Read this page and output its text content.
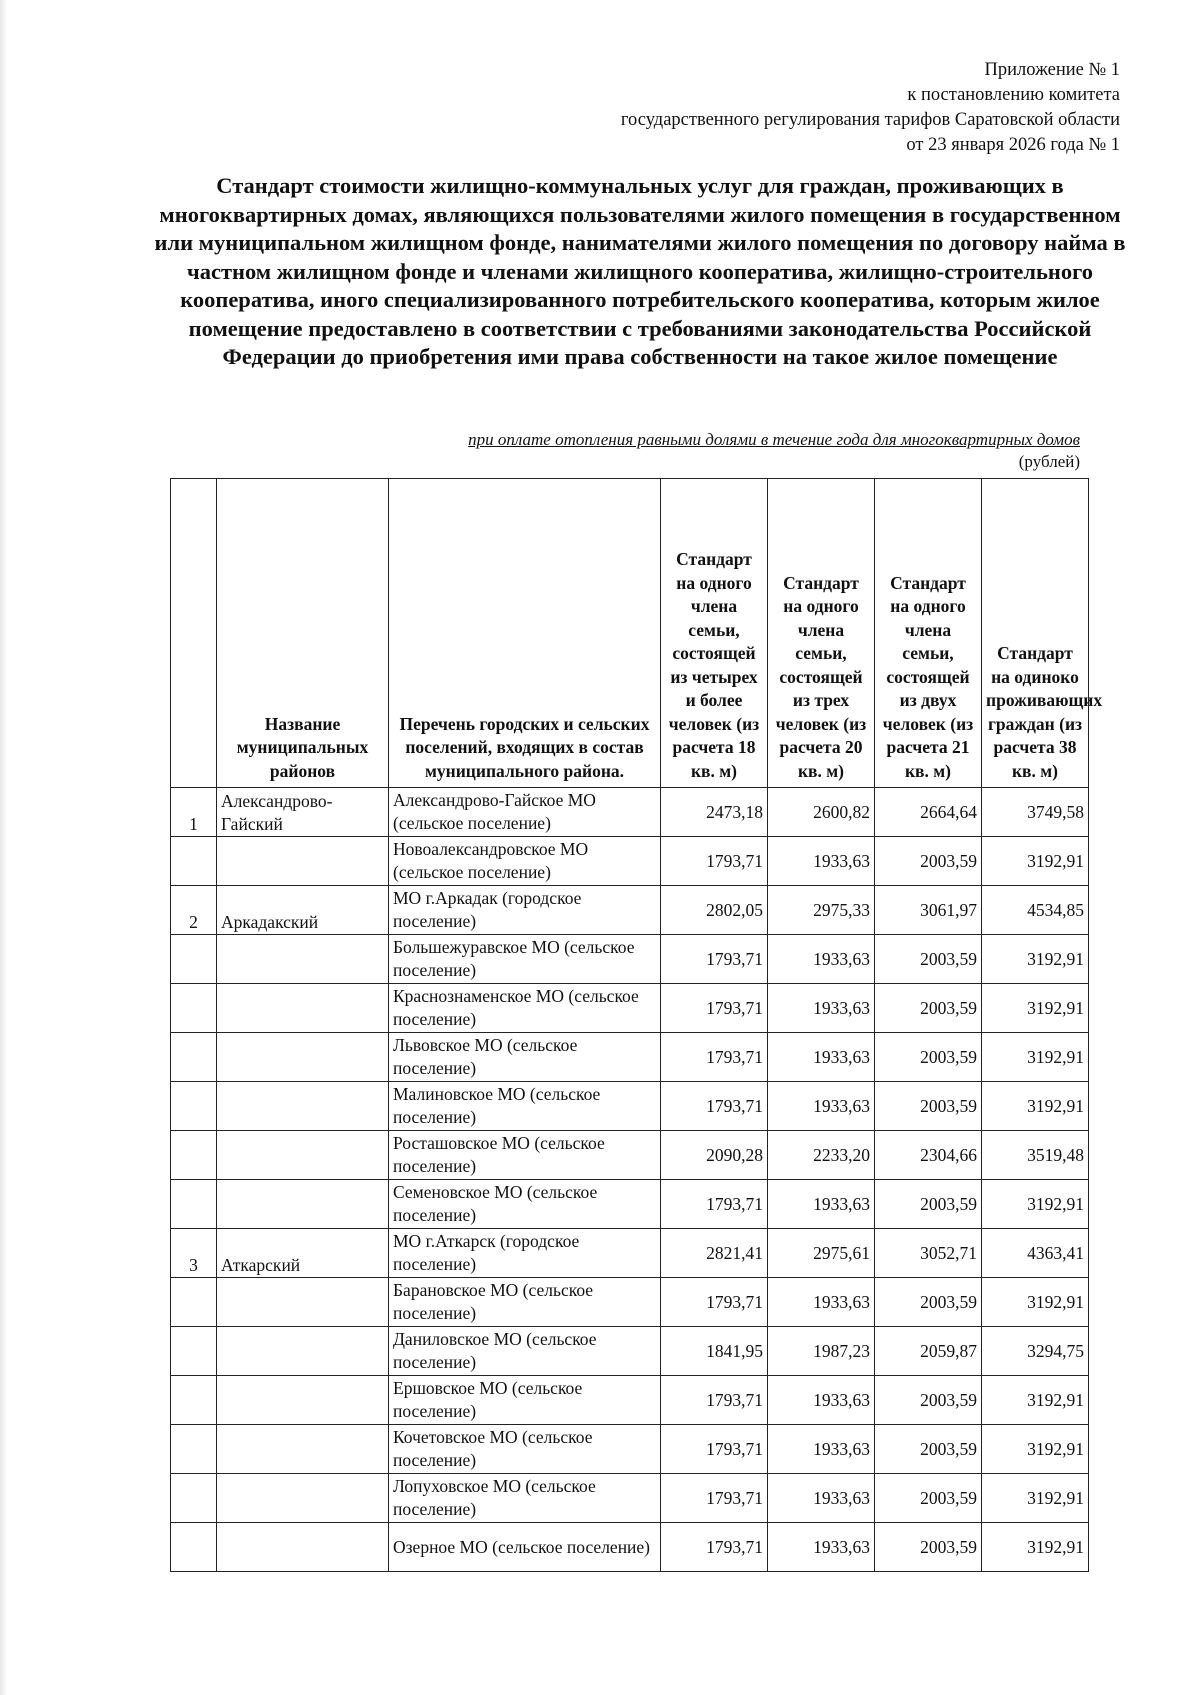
Приложение № 1
к постановлению комитета
государственного регулирования тарифов Саратовской области
от 23 января 2026 года № 1
Стандарт стоимости жилищно-коммунальных услуг для граждан, проживающих в многоквартирных домах, являющихся пользователями жилого помещения в государственном или муниципальном жилищном фонде, нанимателями жилого помещения по договору найма в частном жилищном фонде и членами жилищного кооператива, жилищно-строительного кооператива, иного специализированного потребительского кооператива, которым жилое помещение предоставлено в соответствии с требованиями законодательства Российской Федерации до приобретения ими права собственности на такое жилое помещение
при оплате отопления равными долями в течение года для многоквартирных домов
(рублей)
	Название муниципальных районов	Перечень городских и сельских поселений, входящих в состав муниципального района.	Стандарт на одного члена семьи, состоящей из четырех и более человек (из расчета 18 кв. м)	Стандарт на одного члена семьи, состоящей из трех человек (из расчета 20 кв. м)	Стандарт на одного члена семьи, состоящей из двух человек (из расчета 21 кв. м)	Стандарт на одиноко проживающих граждан (из расчета 38 кв. м)
1	Александрово-Гайский	Александрово-Гайское МО (сельское поселение)	2473,18	2600,82	2664,64	3749,58
		Новоалександровское МО (сельское поселение)	1793,71	1933,63	2003,59	3192,91
2	Аркадакский	МО г.Аркадак (городское поселение)	2802,05	2975,33	3061,97	4534,85
		Большежуравское МО (сельское поселение)	1793,71	1933,63	2003,59	3192,91
		Краснознаменское МО (сельское поселение)	1793,71	1933,63	2003,59	3192,91
		Львовское МО (сельское поселение)	1793,71	1933,63	2003,59	3192,91
		Малиновское МО (сельское поселение)	1793,71	1933,63	2003,59	3192,91
		Росташовское МО (сельское поселение)	2090,28	2233,20	2304,66	3519,48
		Семеновское МО (сельское поселение)	1793,71	1933,63	2003,59	3192,91
3	Аткарский	МО г.Аткарск (городское поселение)	2821,41	2975,61	3052,71	4363,41
		Барановское МО (сельское поселение)	1793,71	1933,63	2003,59	3192,91
		Даниловское МО (сельское поселение)	1841,95	1987,23	2059,87	3294,75
		Ершовское МО (сельское поселение)	1793,71	1933,63	2003,59	3192,91
		Кочетовское МО (сельское поселение)	1793,71	1933,63	2003,59	3192,91
		Лопуховское МО (сельское поселение)	1793,71	1933,63	2003,59	3192,91
		Озерное МО (сельское поселение)	1793,71	1933,63	2003,59	3192,91
